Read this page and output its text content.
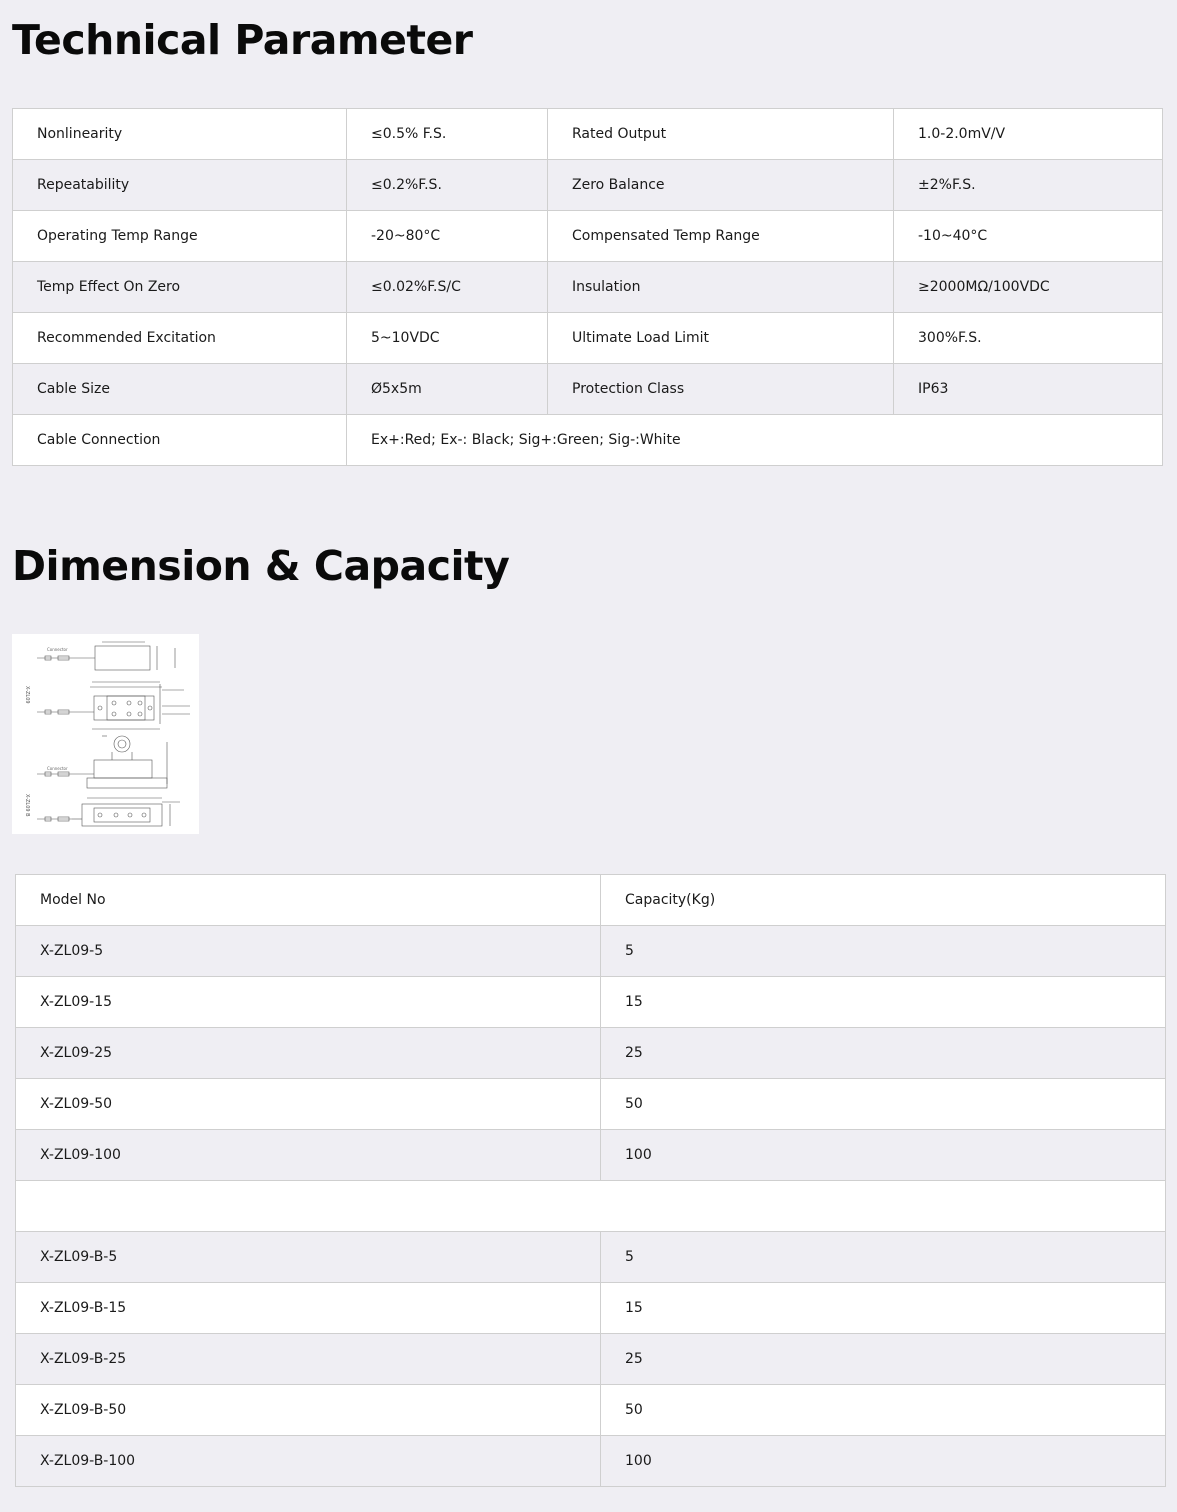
Technical Parameter
Nonlinearity	≤0.5% F.S.	Rated Output	1.0-2.0mV/V
Repeatability	≤0.2%F.S.	Zero Balance	±2%F.S.
Operating Temp Range	-20~80°C	Compensated Temp Range	-10~40°C
Temp Effect On Zero	≤0.02%F.S/C	Insulation	≥2000MΩ/100VDC
Recommended Excitation	5~10VDC	Ultimate Load Limit	300%F.S.
Cable Size	Ø5x5m	Protection Class	IP63
Cable Connection	Ex+:Red; Ex-: Black; Sig+:Green; Sig-:White		
Dimension & Capacity
Connector
X-ZL09
Connector
X-ZL09 B
Model No	Capacity(Kg)
X-ZL09-5	5
X-ZL09-15	15
X-ZL09-25	25
X-ZL09-50	50
X-ZL09-100	100

X-ZL09-B-5	5
X-ZL09-B-15	15
X-ZL09-B-25	25
X-ZL09-B-50	50
X-ZL09-B-100	100
